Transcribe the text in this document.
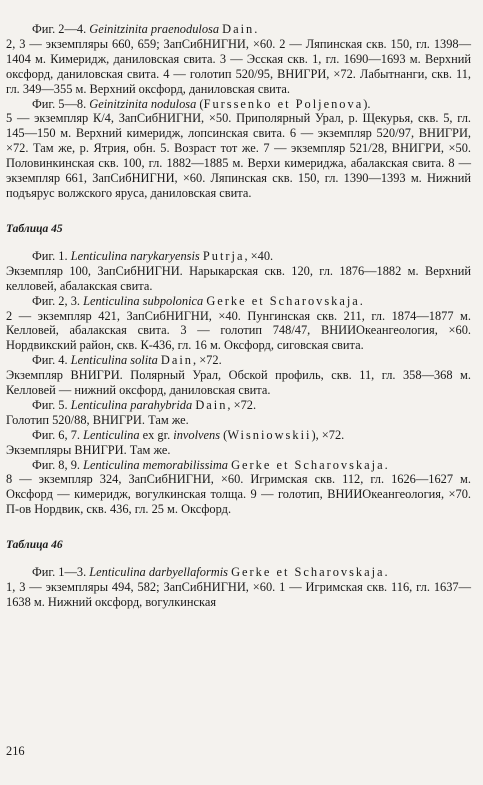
Фиг. 2—4. Geinitzinita praenodulosa Dain.

2, 3 — экземпляры 660, 659; ЗапСибНИГНИ, ×60. 2 — Ляпинская скв. 150, гл. 1398—1404 м. Кимеридж, даниловская свита. 3 — Эсская скв. 1, гл. 1690—1693 м. Верхний оксфорд, даниловская свита. 4 — голотип 520/95, ВНИГРИ, ×72. Лабытнанги, скв. 11, гл. 349—355 м. Верхний оксфорд, даниловская свита.

Фиг. 5—8. Geinitzinita nodulosa (Furssenko et Poljenova).

5 — экземпляр К/4, ЗапСибНИГНИ, ×50. Приполярный Урал, р. Щекурья, скв. 5, гл. 145—150 м. Верхний кимеридж, лопсинская свита. 6 — экземпляр 520/97, ВНИГРИ, ×72. Там же, р. Ятрия, обн. 5. Возраст тот же. 7 — экземпляр 521/28, ВНИГРИ, ×50. Половинкинская скв. 100, гл. 1882—1885 м. Верхи кимериджа, абалакская свита. 8 — экземпляр 661, ЗапСибНИГНИ, ×60. Ляпинская скв. 150, гл. 1390—1393 м. Нижний подъярус волжского яруса, даниловская свита.

Таблица 45

Фиг. 1. Lenticulina narykaryensis Putrja, ×40.

Экземпляр 100, ЗапСибНИГНИ. Нарыкарская скв. 120, гл. 1876—1882 м. Верхний келловей, абалакская свита.

Фиг. 2, 3. Lenticulina subpolonica Gerke et Scharovskaja.

2 — экземпляр 421, ЗапСибНИГНИ, ×40. Пунгинская скв. 211, гл. 1874—1877 м. Келловей, абалакская свита. 3 — голотип 748/47, ВНИИОкеангеология, ×60. Нордвикский район, скв. К-436, гл. 16 м. Оксфорд, сиговская свита.

Фиг. 4. Lenticulina solita Dain, ×72.

Экземпляр ВНИГРИ. Полярный Урал, Обской профиль, скв. 11, гл. 358—368 м. Келловей — нижний оксфорд, даниловская свита.

Фиг. 5. Lenticulina parahybrida Dain, ×72.

Голотип 520/88, ВНИГРИ. Там же.

Фиг. 6, 7. Lenticulina ex gr. involvens (Wisniowskii), ×72.

Экземпляры ВНИГРИ. Там же.

Фиг. 8, 9. Lenticulina memorabilissima Gerke et Scharovskaja.

8 — экземпляр 324, ЗапСибНИГНИ, ×60. Игримская скв. 112, гл. 1626—1627 м. Оксфорд — кимеридж, вогулкинская толща. 9 — голотип, ВНИИОкеангеология, ×70. П-ов Нордвик, скв. 436, гл. 25 м. Оксфорд.

Таблица 46

Фиг. 1—3. Lenticulina darbyellaformis Gerke et Scharovskaja.

1, 3 — экземпляры 494, 582; ЗапСибНИГНИ, ×60. 1 — Игримская скв. 116, гл. 1637—1638 м. Нижний оксфорд, вогулкинская

216
